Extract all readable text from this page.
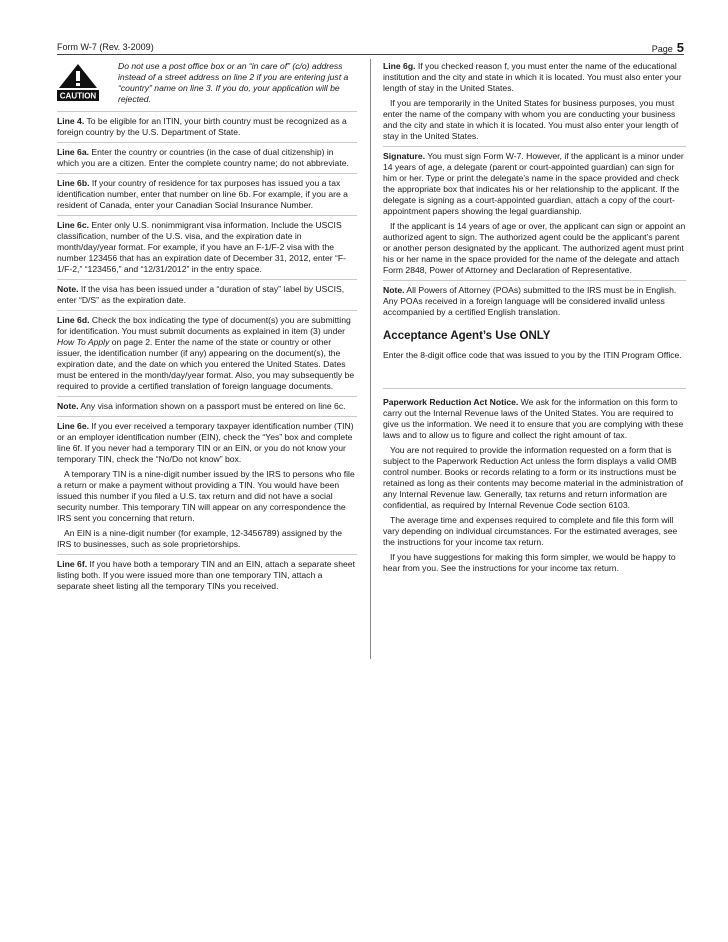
Form W-7 (Rev. 3-2009)	Page 5
CAUTION
Do not use a post office box or an “in care of” (c/o) address instead of a street address on line 2 if you are entering just a “country” name on line 3. If you do, your application will be rejected.

Line 4. To be eligible for an ITIN, your birth country must be recognized as a foreign country by the U.S. Department of State.

Line 6a. Enter the country or countries (in the case of dual citizenship) in which you are a citizen. Enter the complete country name; do not abbreviate.

Line 6b. If your country of residence for tax purposes has issued you a tax identification number, enter that number on line 6b. For example, if you are a resident of Canada, enter your Canadian Social Insurance Number.

Line 6c. Enter only U.S. nonimmigrant visa information. Include the USCIS classification, number of the U.S. visa, and the expiration date in month/day/year format. For example, if you have an F-1/F-2 visa with the number 123456 that has an expiration date of December 31, 2012, enter “F-1/F-2,” “123456,” and “12/31/2012” in the entry space.

Note. If the visa has been issued under a “duration of stay” label by USCIS, enter “D/S” as the expiration date.

Line 6d. Check the box indicating the type of document(s) you are submitting for identification. You must submit documents as explained in item (3) under How To Apply on page 2. Enter the name of the state or country or other issuer, the identification number (if any) appearing on the document(s), the expiration date, and the date on which you entered the United States. Dates must be entered in the month/day/year format. Also, you may subsequently be required to provide a certified translation of foreign language documents.

Note. Any visa information shown on a passport must be entered on line 6c.

Line 6e. If you ever received a temporary taxpayer identification number (TIN) or an employer identification number (EIN), check the “Yes” box and complete line 6f. If you never had a temporary TIN or an EIN, or you do not know your temporary TIN, check the “No/Do not know” box.

A temporary TIN is a nine-digit number issued by the IRS to persons who file a return or make a payment without providing a TIN. You would have been issued this number if you filed a U.S. tax return and did not have a social security number. This temporary TIN will appear on any correspondence the IRS sent you concerning that return.

An EIN is a nine-digit number (for example, 12-3456789) assigned by the IRS to businesses, such as sole proprietorships.

Line 6f. If you have both a temporary TIN and an EIN, attach a separate sheet listing both. If you were issued more than one temporary TIN, attach a separate sheet listing all the temporary TINs you received.

Line 6g. If you checked reason f, you must enter the name of the educational institution and the city and state in which it is located. You must also enter your length of stay in the United States.

If you are temporarily in the United States for business purposes, you must enter the name of the company with whom you are conducting your business and the city and state in which it is located. You must also enter your length of stay in the United States.

Signature. You must sign Form W-7. However, if the applicant is a minor under 14 years of age, a delegate (parent or court-appointed guardian) can sign for him or her. Type or print the delegate’s name in the space provided and check the appropriate box that indicates his or her relationship to the applicant. If the delegate is signing as a court-appointed guardian, attach a copy of the court-appointment papers showing the legal guardianship.

If the applicant is 14 years of age or over, the applicant can sign or appoint an authorized agent to sign. The authorized agent could be the applicant’s parent or another person designated by the applicant. The authorized agent must print his or her name in the space provided for the name of the delegate and attach Form 2848, Power of Attorney and Declaration of Representative.

Note. All Powers of Attorney (POAs) submitted to the IRS must be in English. Any POAs received in a foreign language will be considered invalid unless accompanied by a certified English translation.

Acceptance Agent’s Use ONLY
Enter the 8-digit office code that was issued to you by the ITIN Program Office.

Paperwork Reduction Act Notice. We ask for the information on this form to carry out the Internal Revenue laws of the United States. You are required to give us the information. We need it to ensure that you are complying with these laws and to allow us to figure and collect the right amount of tax.

You are not required to provide the information requested on a form that is subject to the Paperwork Reduction Act unless the form displays a valid OMB control number. Books or records relating to a form or its instructions must be retained as long as their contents may become material in the administration of any Internal Revenue law. Generally, tax returns and return information are confidential, as required by Internal Revenue Code section 6103.

The average time and expenses required to complete and file this form will vary depending on individual circumstances. For the estimated averages, see the instructions for your income tax return.

If you have suggestions for making this form simpler, we would be happy to hear from you. See the instructions for your income tax return.
